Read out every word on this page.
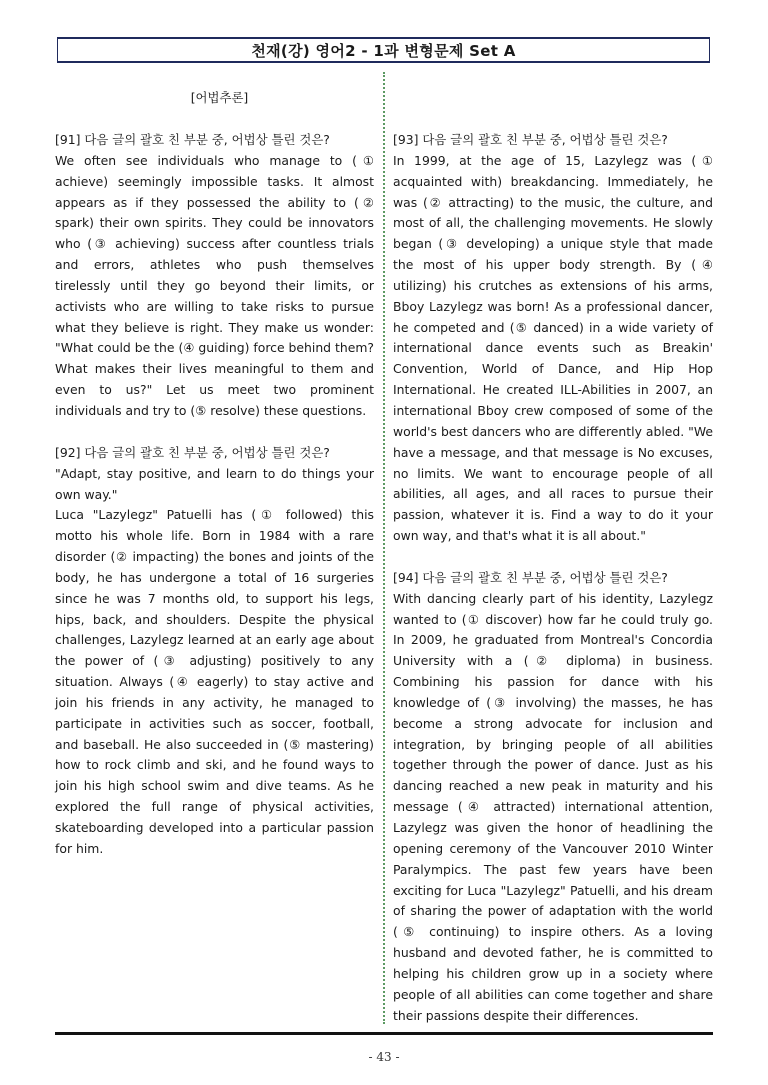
천재(강) 영어2 - 1과 변형문제 Set A
[어법추론]

[91] 다음 글의 괄호 친 부분 중, 어법상 틀린 것은?

We often see individuals who manage to (① achieve) seemingly impossible tasks. It almost appears as if they possessed the ability to (② spark) their own spirits. They could be innovators who (③ achieving) success after countless trials and errors, athletes who push themselves tirelessly until they go beyond their limits, or activists who are willing to take risks to pursue what they believe is right. They make us wonder: "What could be the (④ guiding) force behind them? What makes their lives meaningful to them and even to us?" Let us meet two prominent individuals and try to (⑤ resolve) these questions.

[92] 다음 글의 괄호 친 부분 중, 어법상 틀린 것은?

"Adapt, stay positive, and learn to do things your own way."

Luca "Lazylegz" Patuelli has (① followed) this motto his whole life. Born in 1984 with a rare disorder (② impacting) the bones and joints of the body, he has undergone a total of 16 surgeries since he was 7 months old, to support his legs, hips, back, and shoulders. Despite the physical challenges, Lazylegz learned at an early age about the power of (③ adjusting) positively to any situation. Always (④ eagerly) to stay active and join his friends in any activity, he managed to participate in activities such as soccer, football, and baseball. He also succeeded in (⑤ mastering) how to rock climb and ski, and he found ways to join his high school swim and dive teams. As he explored the full range of physical activities, skateboarding developed into a particular passion for him.

[93] 다음 글의 괄호 친 부분 중, 어법상 틀린 것은?

In 1999, at the age of 15, Lazylegz was (① acquainted with) breakdancing. Immediately, he was (② attracting) to the music, the culture, and most of all, the challenging movements. He slowly began (③ developing) a unique style that made the most of his upper body strength. By (④ utilizing) his crutches as extensions of his arms, Bboy Lazylegz was born! As a professional dancer, he competed and (⑤ danced) in a wide variety of international dance events such as Breakin' Convention, World of Dance, and Hip Hop International. He created ILL-Abilities in 2007, an international Bboy crew composed of some of the world's best dancers who are differently abled. "We have a message, and that message is No excuses, no limits. We want to encourage people of all abilities, all ages, and all races to pursue their passion, whatever it is. Find a way to do it your own way, and that's what it is all about."

[94] 다음 글의 괄호 친 부분 중, 어법상 틀린 것은?

With dancing clearly part of his identity, Lazylegz wanted to (① discover) how far he could truly go. In 2009, he graduated from Montreal's Concordia University with a (② diploma) in business. Combining his passion for dance with his knowledge of (③ involving) the masses, he has become a strong advocate for inclusion and integration, by bringing people of all abilities together through the power of dance. Just as his dancing reached a new peak in maturity and his message (④ attracted) international attention, Lazylegz was given the honor of headlining the opening ceremony of the Vancouver 2010 Winter Paralympics. The past few years have been exciting for Luca "Lazylegz" Patuelli, and his dream of sharing the power of adaptation with the world (⑤ continuing) to inspire others. As a loving husband and devoted father, he is committed to helping his children grow up in a society where people of all abilities can come together and share their passions despite their differences.

- 43 -
